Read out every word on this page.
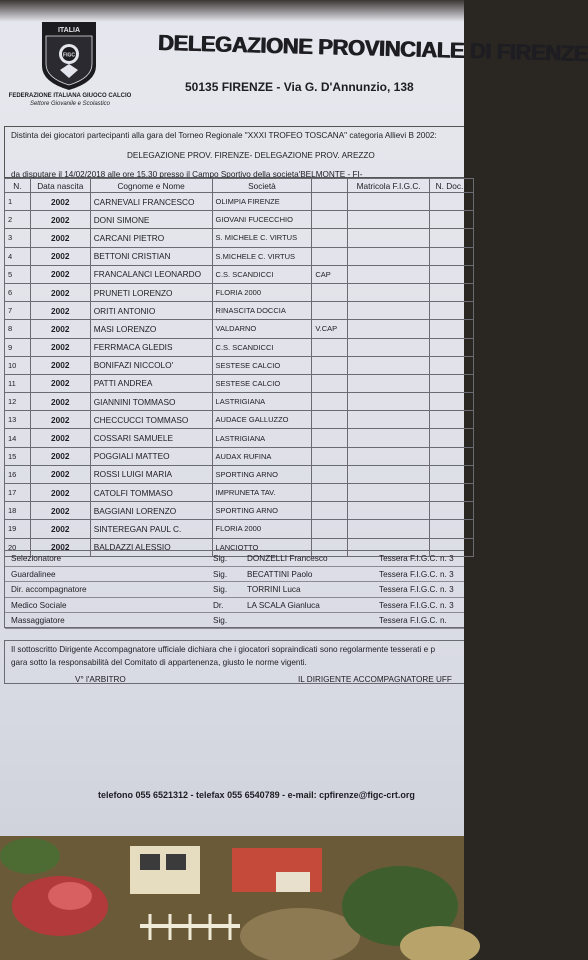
ITALIA
FIGC
FEDERAZIONE ITALIANA GIUOCO CALCIO
Settore Giovanile e Scolastico
DELEGAZIONE PROVINCIALE DI FIRENZE
50135 FIRENZE - Via G. D'Annunzio, 138
Distinta dei giocatori partecipanti alla gara del Torneo Regionale "XXXI TROFEO TOSCANA" categoria Allievi B 2002:
DELEGAZIONE PROV. FIRENZE- DELEGAZIONE PROV. AREZZO
da disputare il 14/02/2018 alle ore 15.30 presso il Campo Sportivo della societa'BELMONTE - FI-
N.	Data nascita	Cognome e Nome	Società		Matricola F.I.G.C.	N. Doc. i
1	2002	CARNEVALI FRANCESCO	OLIMPIA FIRENZE			
2	2002	DONI SIMONE	GIOVANI FUCECCHIO			
3	2002	CARCANI PIETRO	S. MICHELE C. VIRTUS			
4	2002	BETTONI CRISTIAN	S.MICHELE C. VIRTUS			
5	2002	FRANCALANCI LEONARDO	C.S. SCANDICCI	CAP		
6	2002	PRUNETI LORENZO	FLORIA 2000			
7	2002	ORITI ANTONIO	RINASCITA DOCCIA			
8	2002	MASI LORENZO	VALDARNO	V.CAP		
9	2002	FERRMACA GLEDIS	C.S. SCANDICCI			
10	2002	BONIFAZI NICCOLO'	SESTESE CALCIO			
11	2002	PATTI ANDREA	SESTESE CALCIO			
12	2002	GIANNINI TOMMASO	LASTRIGIANA			
13	2002	CHECCUCCI TOMMASO	AUDACE GALLUZZO			
14	2002	COSSARI SAMUELE	LASTRIGIANA			
15	2002	POGGIALI MATTEO	AUDAX RUFINA			
16	2002	ROSSI LUIGI MARIA	SPORTING ARNO			
17	2002	CATOLFI TOMMASO	IMPRUNETA TAV.			
18	2002	BAGGIANI LORENZO	SPORTING ARNO			
19	2002	SINTEREGAN PAUL C.	FLORIA 2000			
20	2002	BALDAZZI ALESSIO	LANCIOTTO			
Selezionatore	Sig. DONZELLI Francesco	Tessera F.I.G.C. n. 3
Guardalinee	Sig. BECATTINI Paolo	Tessera F.I.G.C. n. 3
Dir. accompagnatore	Sig. TORRINI Luca	Tessera F.I.G.C. n. 3
Medico Sociale	Dr.	LA SCALA Gianluca	Tessera F.I.G.C. n. 3
Massaggiatore	Sig.	Tessera F.I.G.C. n.
Il sottoscritto Dirigente Accompagnatore ufficiale dichiara che i giocatori sopraindicati sono regolarmente tesserati e p
gara sotto la responsabilità del Comitato di appartenenza, giusto le norme vigenti.
V° l'ARBITRO	IL DIRIGENTE ACCOMPAGNATORE UFF
telefono 055 6521312 - telefax 055 6540789 - e-mail: cpfirenze@figc-crt.org
